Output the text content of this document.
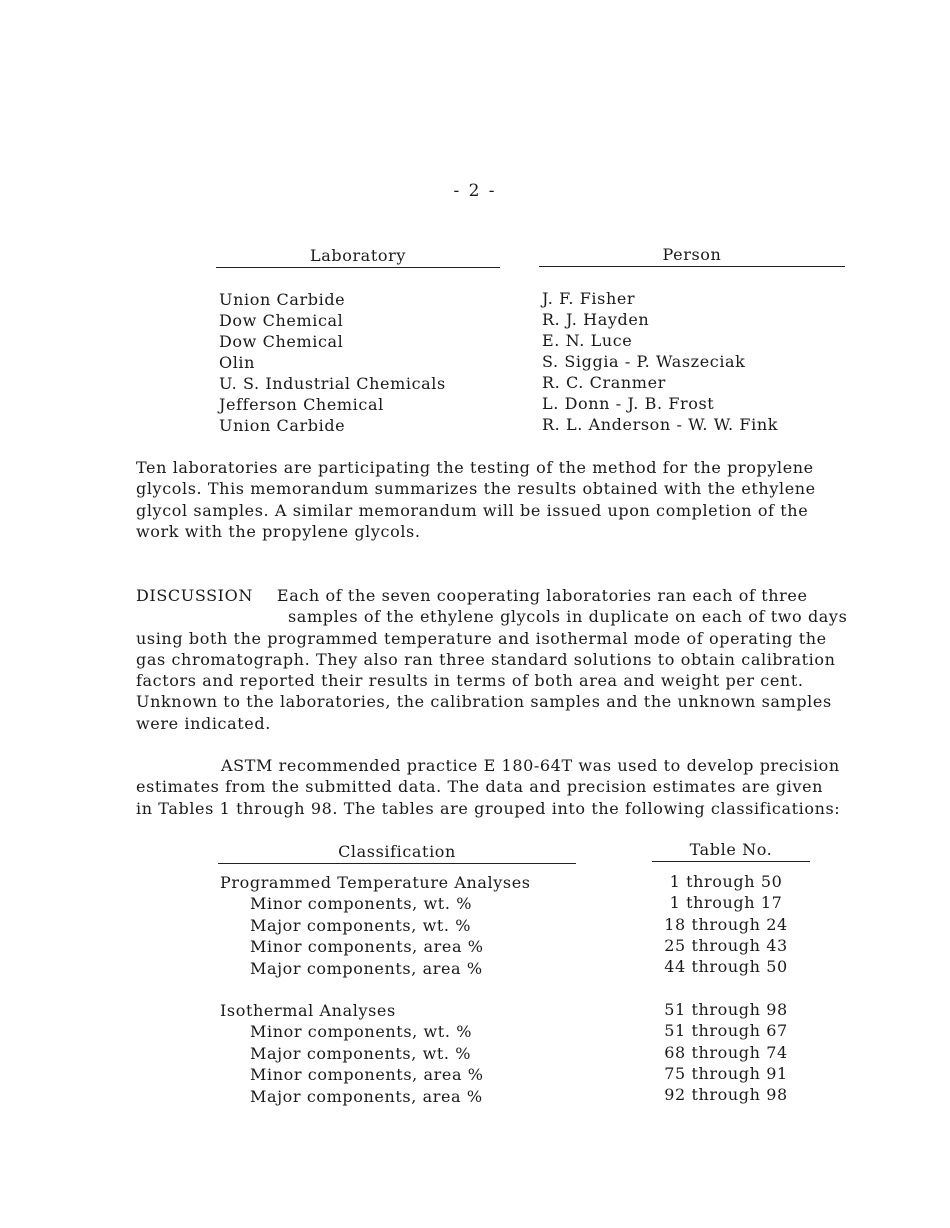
- 2 -
Laboratory	Person
Union Carbide	J. F. Fisher
Dow Chemical	R. J. Hayden
Dow Chemical	E. N. Luce
Olin	S. Siggia - P. Waszeciak
U. S. Industrial Chemicals	R. C. Cranmer
Jefferson Chemical	L. Donn - J. B. Frost
Union Carbide	R. L. Anderson - W. W. Fink
Ten laboratories are participating the testing of the method for the propylene
glycols. This memorandum summarizes the results obtained with the ethylene
glycol samples. A similar memorandum will be issued upon completion of the
work with the propylene glycols.
DISCUSSION Each of the seven cooperating laboratories ran each of three
samples of the ethylene glycols in duplicate on each of two days
using both the programmed temperature and isothermal mode of operating the
gas chromatograph. They also ran three standard solutions to obtain calibration
factors and reported their results in terms of both area and weight per cent.
Unknown to the laboratories, the calibration samples and the unknown samples
were indicated.
ASTM recommended practice E 180-64T was used to develop precision
estimates from the submitted data. The data and precision estimates are given
in Tables 1 through 98. The tables are grouped into the following classifications:
Classification	Table No.
Programmed Temperature Analyses	1 through 50
Minor components, wt. %	1 through 17
Major components, wt. %	18 through 24
Minor components, area %	25 through 43
Major components, area %	44 through 50
Isothermal Analyses	51 through 98
Minor components, wt. %	51 through 67
Major components, wt. %	68 through 74
Minor components, area %	75 through 91
Major components, area %	92 through 98
